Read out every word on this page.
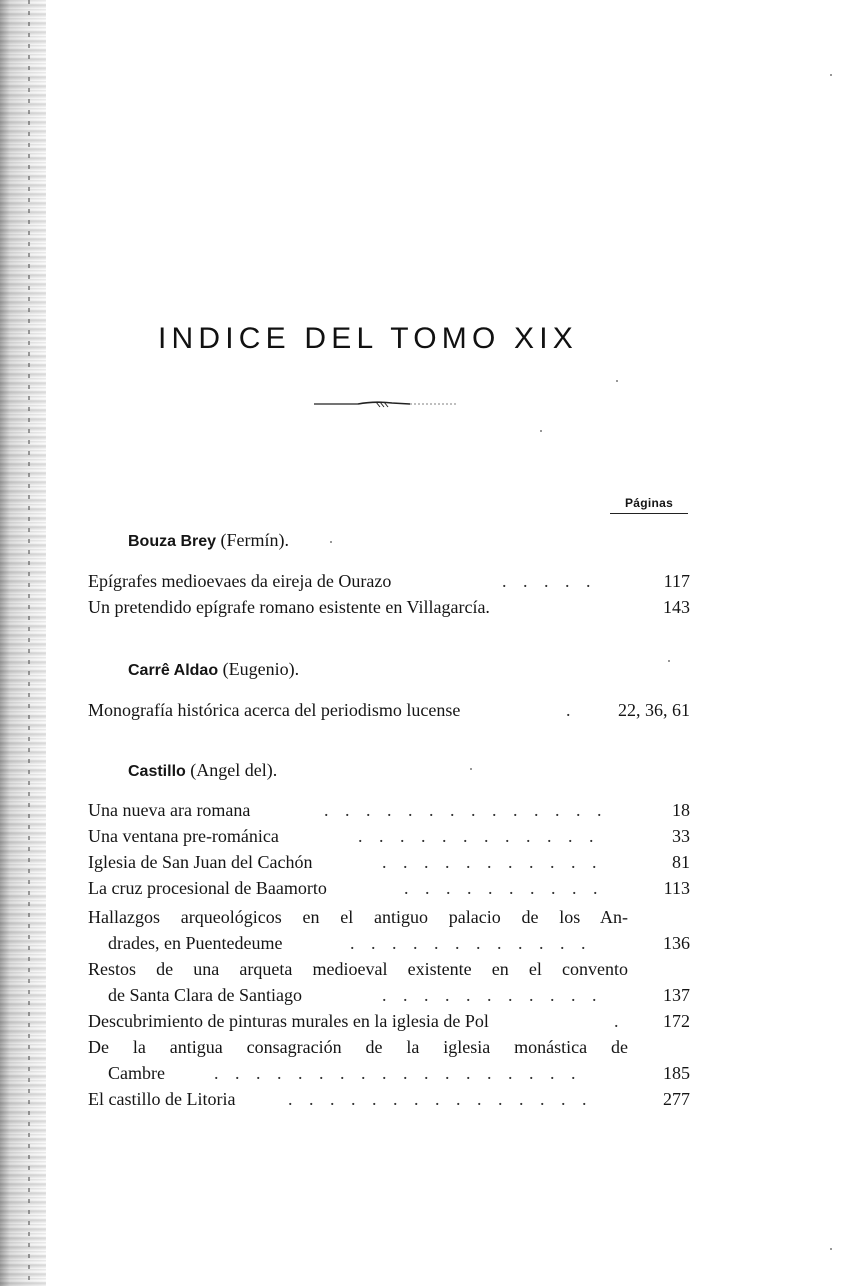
INDICE DEL TOMO XIX
Páginas
Bouza Brey (Fermín).
Epígrafes medioevaes da eireja de Ourazo	. . . . .	117
Un pretendido epígrafe romano esistente en Villagarcía.	143
Carrê Aldao (Eugenio).
Monografía histórica acerca del periodismo lucense	.	22, 36, 61
Castillo (Angel del).
Una nueva ara romana	. . . . . . . . . . . . . .	18
Una ventana pre-románica	. . . . . . . . . . . .	33
Iglesia de San Juan del Cachón	. . . . . . . . . . .	81
La cruz procesional de Baamorto	. . . . . . . . . .	113
Hallazgos arqueológicos en el antiguo palacio de los An-
drades, en Puentedeume	. . . . . . . . . . . .	136
Restos de una arqueta medioeval existente en el convento
de Santa Clara de Santiago	. . . . . . . . . . .	137
Descubrimiento de pinturas murales en la iglesia de Pol	.	172
De la antigua consagración de la iglesia monástica de
Cambre	. . . . . . . . . . . . . . . . . .	185
El castillo de Litoria	. . . . . . . . . . . . . . .	277
